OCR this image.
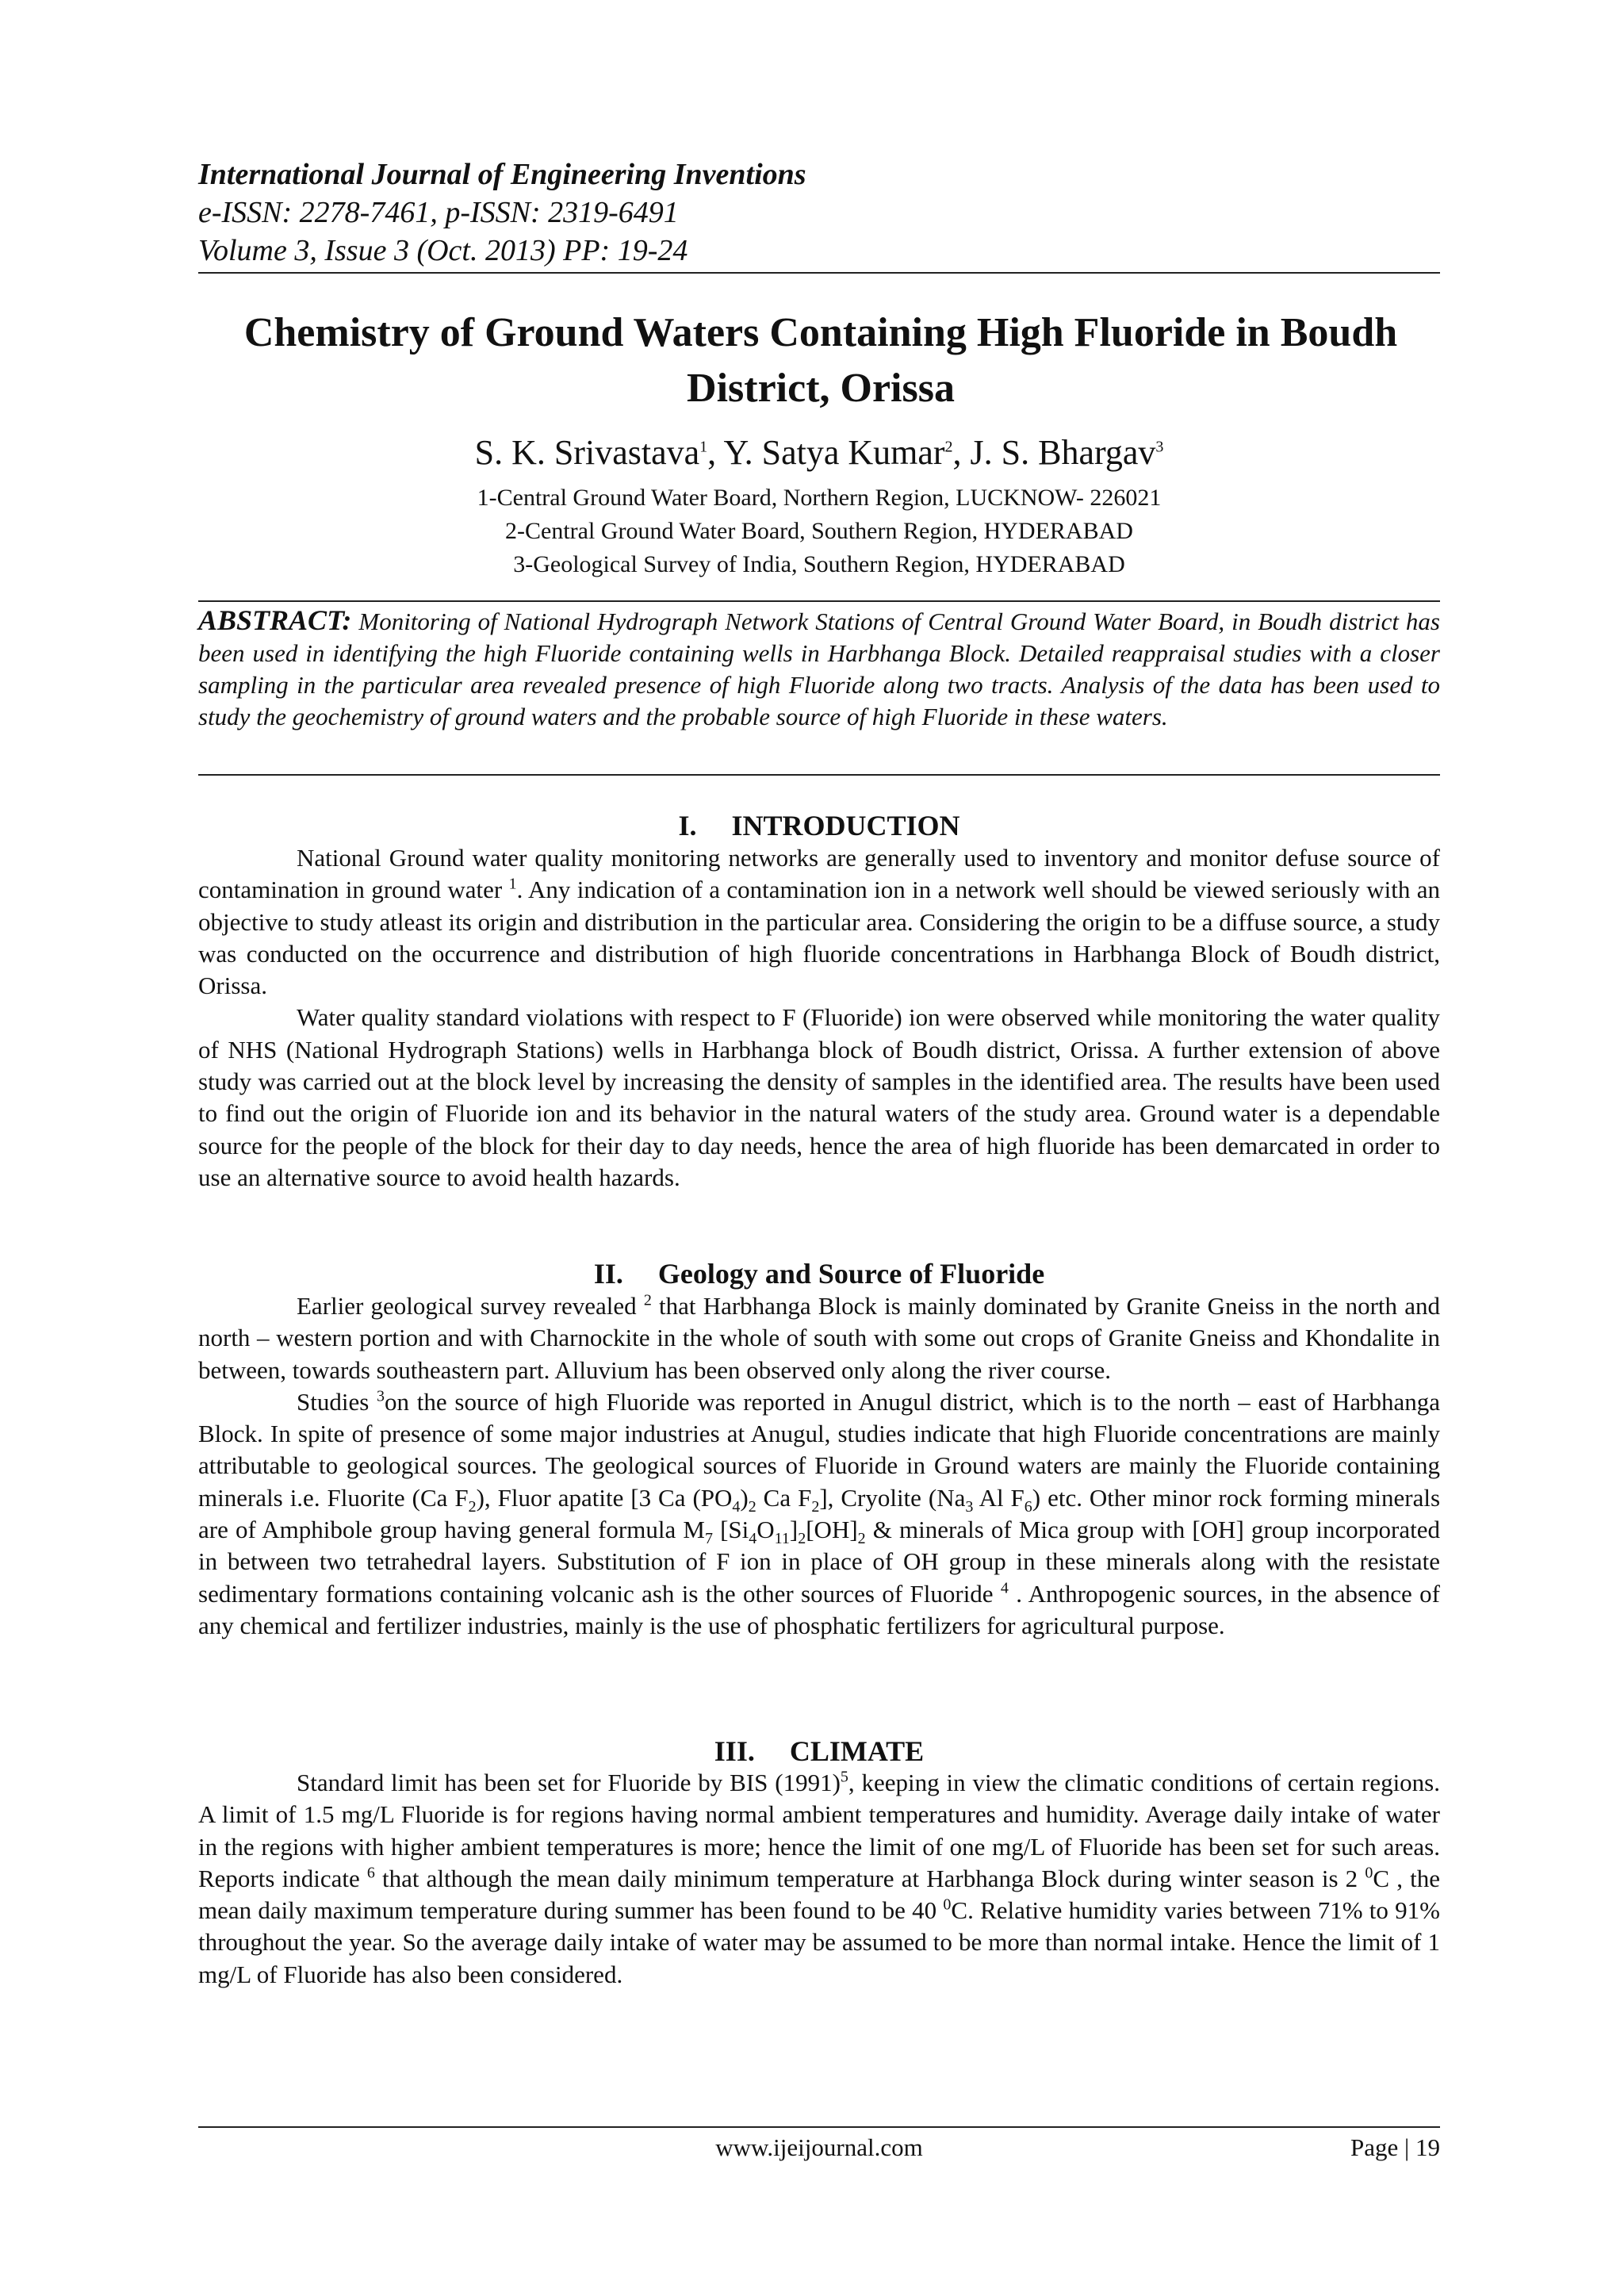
International Journal of Engineering Inventions
e-ISSN: 2278-7461, p-ISSN: 2319-6491
Volume 3, Issue 3 (Oct. 2013) PP: 19-24
Chemistry of Ground Waters Containing High Fluoride in Boudh District, Orissa
S. K. Srivastava$^1$, Y. Satya Kumar$^2$, J. S. Bhargav$^3$
1-Central Ground Water Board, Northern Region, LUCKNOW- 226021
2-Central Ground Water Board, Southern Region, HYDERABAD
3-Geological Survey of India, Southern Region, HYDERABAD
ABSTRACT: Monitoring of National Hydrograph Network Stations of Central Ground Water Board, in Boudh district has been used in identifying the high Fluoride containing wells in Harbhanga Block. Detailed reappraisal studies with a closer sampling in the particular area revealed presence of high Fluoride along two tracts. Analysis of the data has been used to study the geochemistry of ground waters and the probable source of high Fluoride in these waters.
I. INTRODUCTION

National Ground water quality monitoring networks are generally used to inventory and monitor defuse source of contamination in ground water $^1$. Any indication of a contamination ion in a network well should be viewed seriously with an objective to study atleast its origin and distribution in the particular area. Considering the origin to be a diffuse source, a study was conducted on the occurrence and distribution of high fluoride concentrations in Harbhanga Block of Boudh district, Orissa.

Water quality standard violations with respect to F (Fluoride) ion were observed while monitoring the water quality of NHS (National Hydrograph Stations) wells in Harbhanga block of Boudh district, Orissa. A further extension of above study was carried out at the block level by increasing the density of samples in the identified area. The results have been used to find out the origin of Fluoride ion and its behavior in the natural waters of the study area. Ground water is a dependable source for the people of the block for their day to day needs, hence the area of high fluoride has been demarcated in order to use an alternative source to avoid health hazards.

II. Geology and Source of Fluoride

Earlier geological survey revealed $^2$ that Harbhanga Block is mainly dominated by Granite Gneiss in the north and north – western portion and with Charnockite in the whole of south with some out crops of Granite Gneiss and Khondalite in between, towards southeastern part. Alluvium has been observed only along the river course.

Studies $^3$on the source of high Fluoride was reported in Anugul district, which is to the north – east of Harbhanga Block. In spite of presence of some major industries at Anugul, studies indicate that high Fluoride concentrations are mainly attributable to geological sources. The geological sources of Fluoride in Ground waters are mainly the Fluoride containing minerals i.e. Fluorite (Ca $F_2$), Fluor apatite [3 Ca $(PO_4)_2$ Ca $F_2$], Cryolite ($Na_3$ Al $F_6$) etc. Other minor rock forming minerals are of Amphibole group having general formula $M_7$ $[Si_4O_{11}]_2[OH]_2$ & minerals of Mica group with [OH] group incorporated in between two tetrahedral layers. Substitution of F ion in place of OH group in these minerals along with the resistate sedimentary formations containing volcanic ash is the other sources of Fluoride $^4$ . Anthropogenic sources, in the absence of any chemical and fertilizer industries, mainly is the use of phosphatic fertilizers for agricultural purpose.

III. CLIMATE

Standard limit has been set for Fluoride by BIS $(1991)^5$, keeping in view the climatic conditions of certain regions. A limit of 1.5 mg/L Fluoride is for regions having normal ambient temperatures and humidity. Average daily intake of water in the regions with higher ambient temperatures is more; hence the limit of one mg/L of Fluoride has been set for such areas. Reports indicate $^6$ that although the mean daily minimum temperature at Harbhanga Block during winter season is 2 $^0$C , the mean daily maximum temperature during summer has been found to be 40 $^0$C. Relative humidity varies between 71% to 91% throughout the year. So the average daily intake of water may be assumed to be more than normal intake. Hence the limit of 1 mg/L of Fluoride has also been considered.

www.ijeijournal.com	Page | 19
